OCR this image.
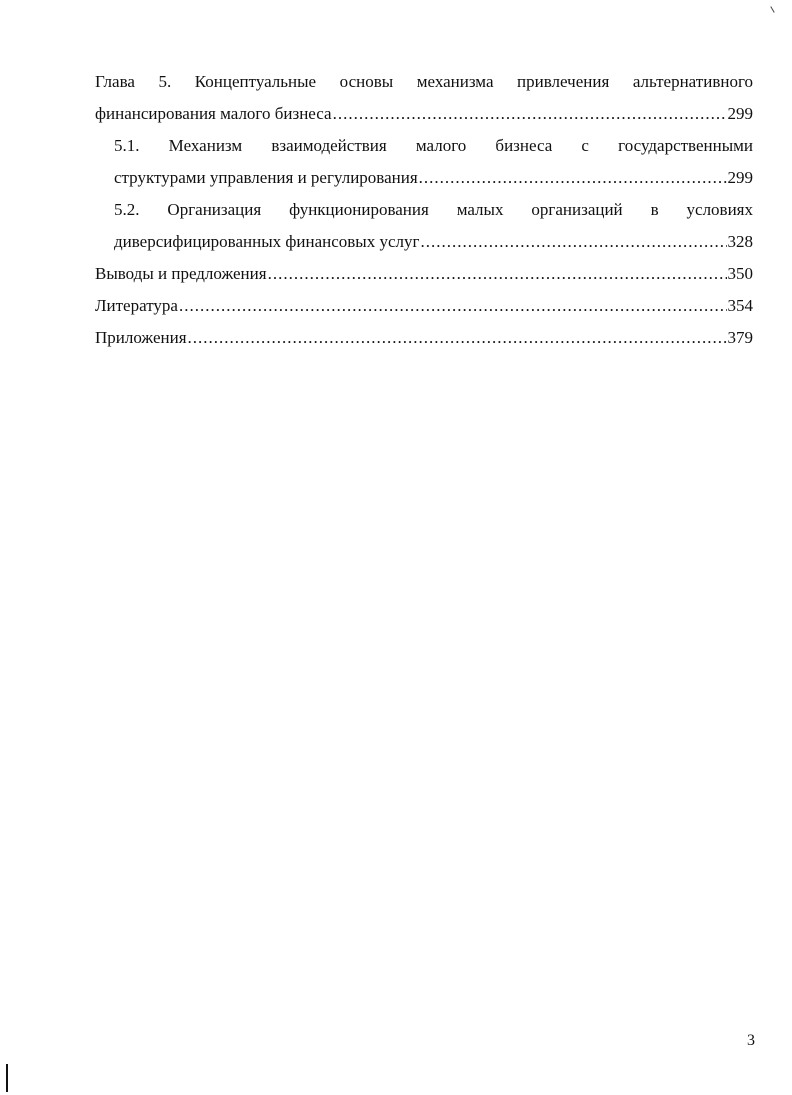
Глава 5. Концептуальные основы механизма привлечения альтернативного
финансирования малого бизнеса .....	299
5.1. Механизм взаимодействия малого бизнеса с государственными
структурами управления и регулирования .....	299
5.2. Организация функционирования малых организаций в условиях
диверсифицированных финансовых услуг .....	328
Выводы и предложения .....	350
Литература .....	354
Приложения .....	379
3
